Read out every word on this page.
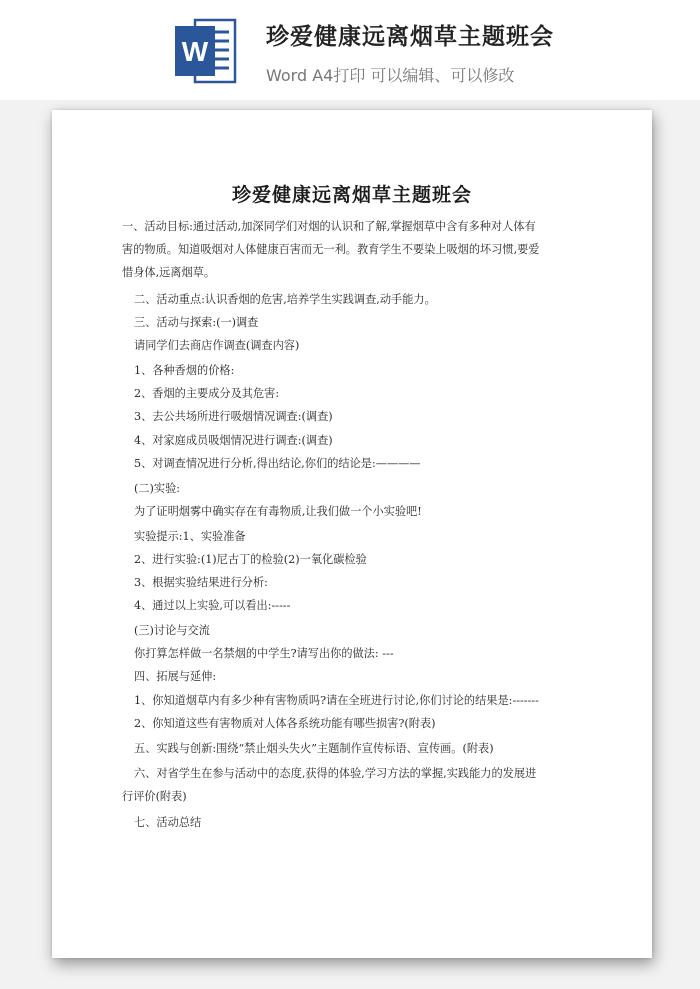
W	珍爱健康远离烟草主题班会
Word A4打印 可以编辑、可以修改
珍爱健康远离烟草主题班会
一、活动目标:通过活动,加深同学们对烟的认识和了解,掌握烟草中含有多种对人体有
害的物质。知道吸烟对人体健康百害而无一利。教育学生不要染上吸烟的坏习惯,要爱
惜身体,远离烟草。
二、活动重点:认识香烟的危害,培养学生实践调查,动手能力。
三、活动与探索:(一)调查
请同学们去商店作调查(调查内容)
1、各种香烟的价格:
2、香烟的主要成分及其危害:
3、去公共场所进行吸烟情况调查:(调查)
4、对家庭成员吸烟情况进行调查:(调查)
5、对调查情况进行分析,得出结论,你们的结论是:————
(二)实验:
为了证明烟雾中确实存在有毒物质,让我们做一个小实验吧!
实验提示:1、实验准备
2、进行实验:(1)尼古丁的检验(2)一氧化碳检验
3、根据实验结果进行分析:
4、通过以上实验,可以看出:-----
(三)讨论与交流
你打算怎样做一名禁烟的中学生?请写出你的做法: ---
四、拓展与延伸:
1、你知道烟草内有多少种有害物质吗?请在全班进行讨论,你们讨论的结果是:-------
2、你知道这些有害物质对人体各系统功能有哪些损害?(附表)
五、实践与创新:围绕“禁止烟头失火”主题制作宣传标语、宣传画。(附表)
六、对省学生在参与活动中的态度,获得的体验,学习方法的掌握,实践能力的发展进
行评价(附表)
七、活动总结
